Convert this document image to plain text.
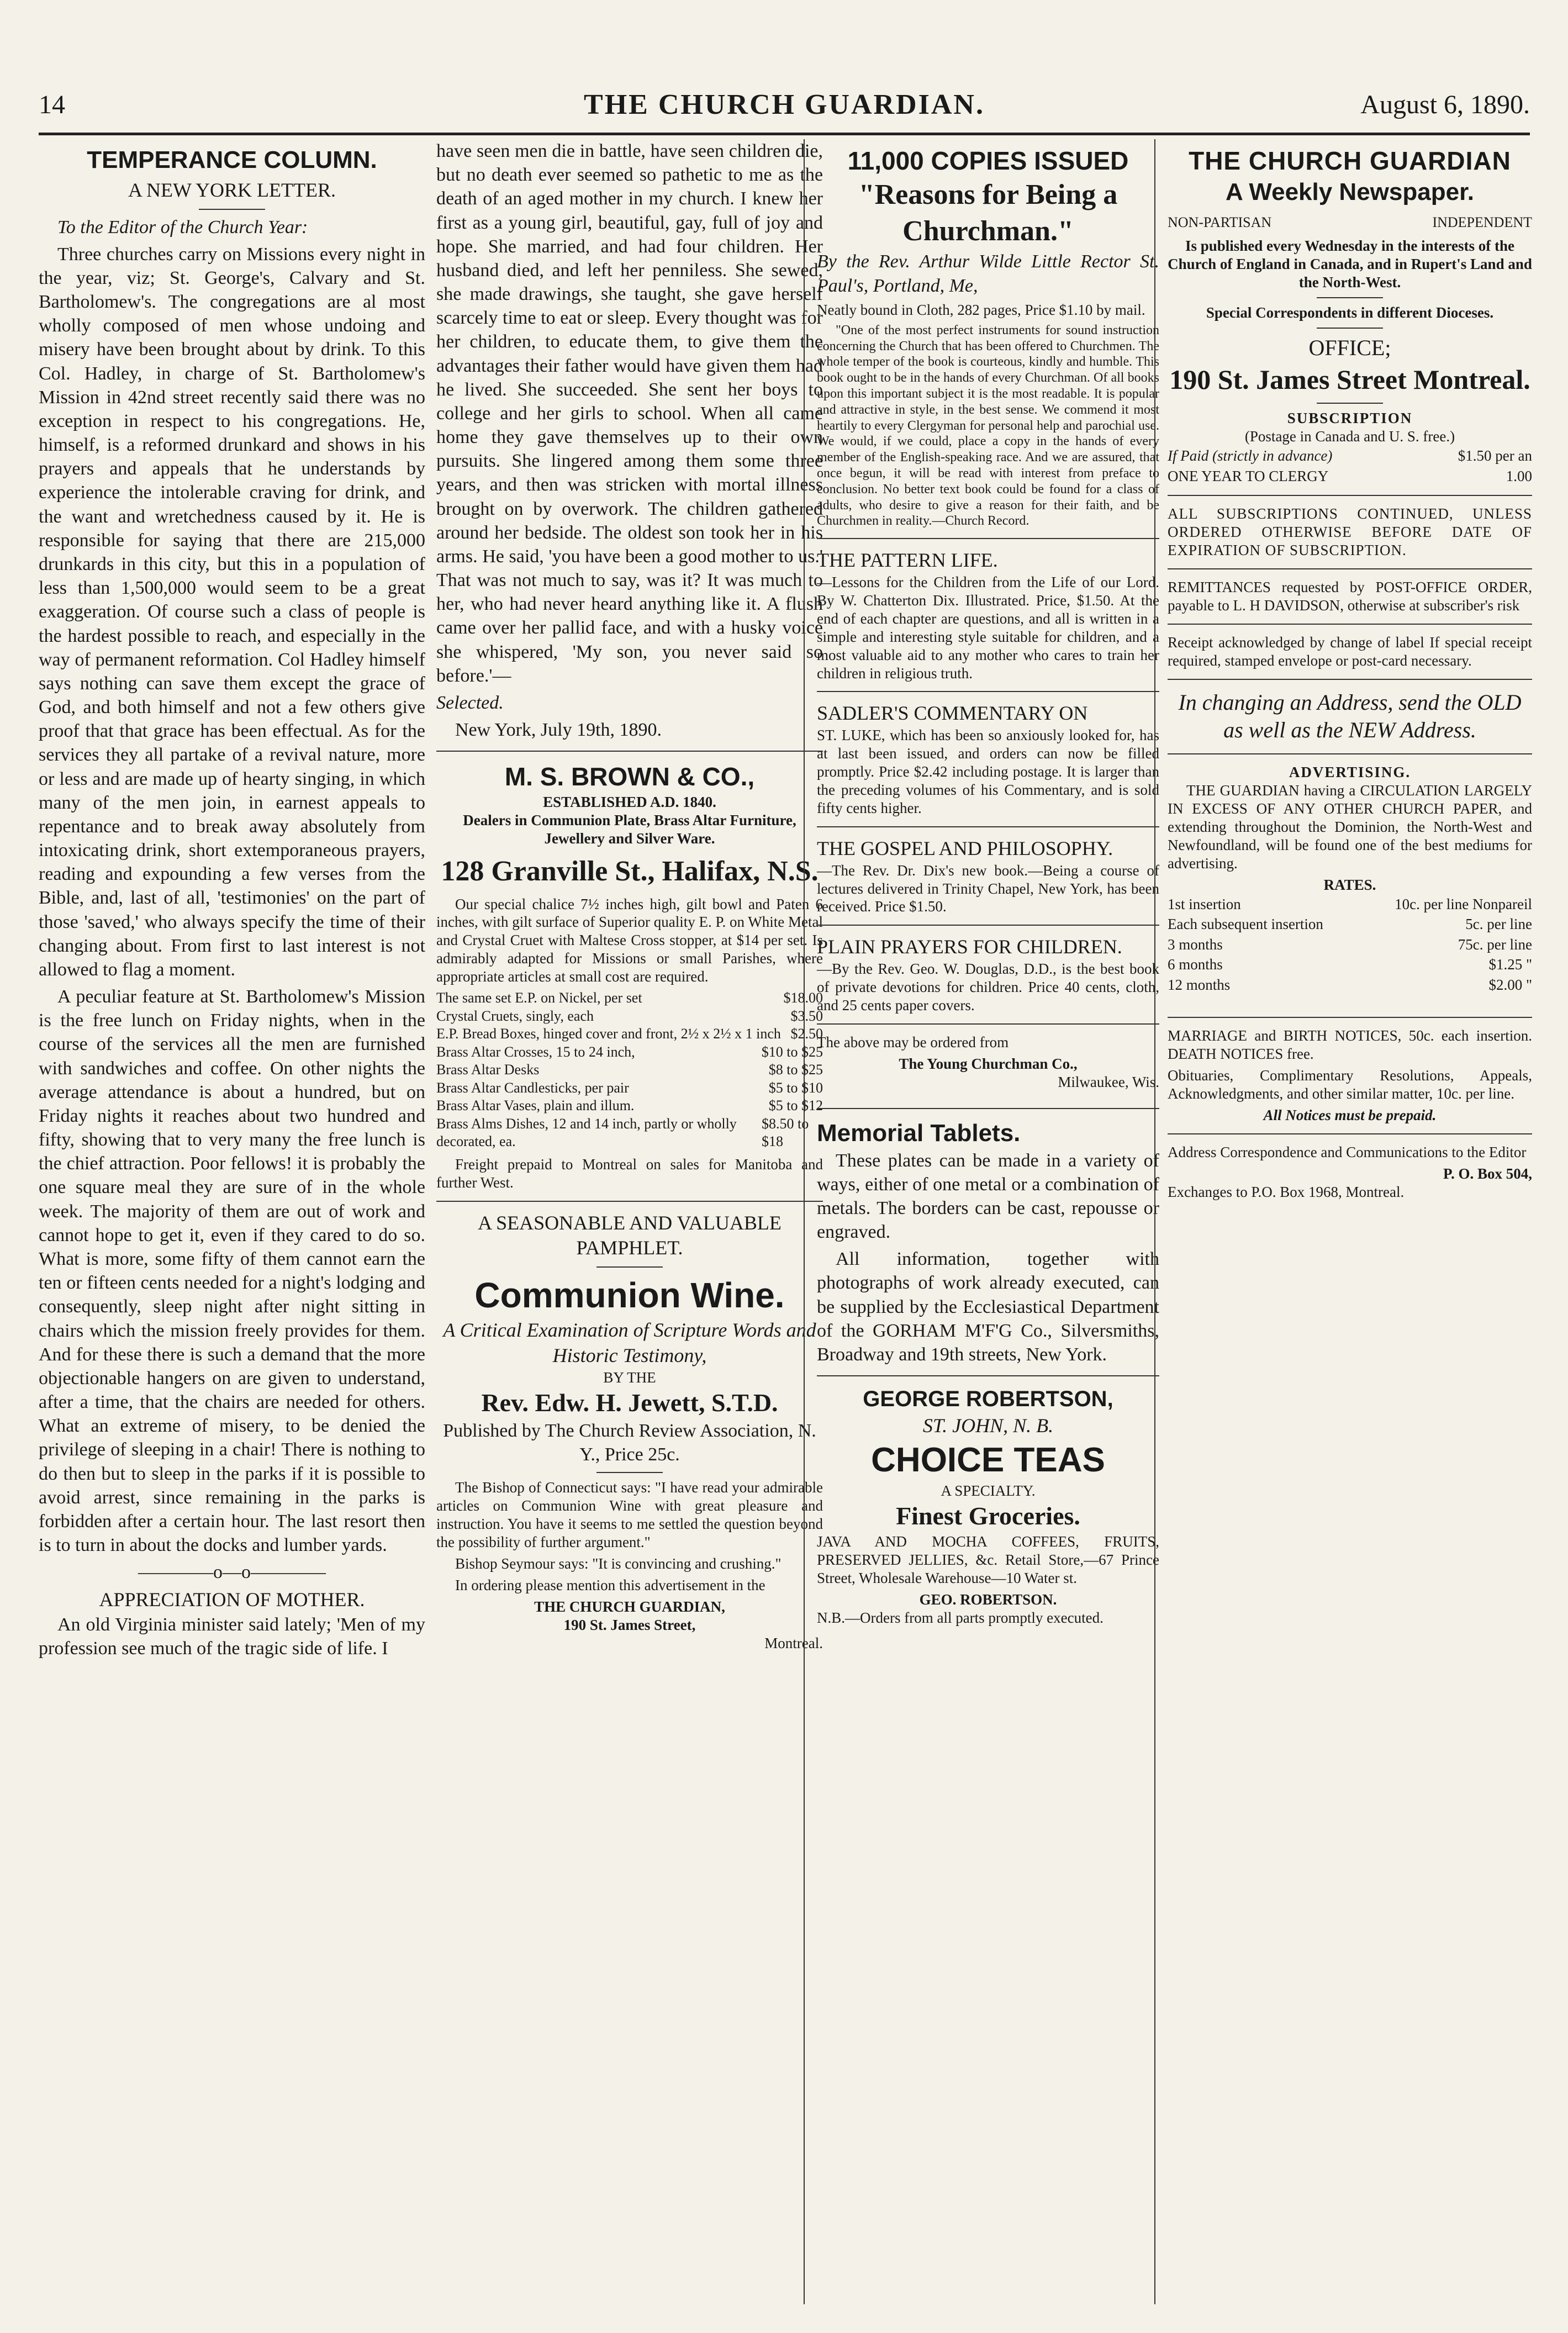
14	THE CHURCH GUARDIAN.	August 6, 1890.
TEMPERANCE COLUMN.
A NEW YORK LETTER.

To the Editor of the Church Year:

Three churches carry on Missions every night in the year, viz; St. George's, Calvary and St. Bartholomew's. The congregations are al most wholly composed of men whose undoing and misery have been brought about by drink. To this Col. Hadley, in charge of St. Bartholomew's Mission in 42nd street recently said there was no exception in respect to his congregations. He, himself, is a reformed drunkard and shows in his prayers and appeals that he understands by experience the intolerable craving for drink, and the want and wretchedness caused by it. He is responsible for saying that there are 215,000 drunkards in this city, but this in a population of less than 1,500,000 would seem to be a great exaggeration. Of course such a class of people is the hardest possible to reach, and especially in the way of permanent reformation. Col Hadley himself says nothing can save them except the grace of God, and both himself and not a few others give proof that that grace has been effectual. As for the services they all partake of a revival nature, more or less and are made up of hearty singing, in which many of the men join, in earnest appeals to repentance and to break away absolutely from intoxicating drink, short extemporaneous prayers, reading and expounding a few verses from the Bible, and, last of all, 'testimonies' on the part of those 'saved,' who always specify the time of their changing about. From first to last interest is not allowed to flag a moment.

A peculiar feature at St. Bartholomew's Mission is the free lunch on Friday nights, when in the course of the services all the men are furnished with sandwiches and coffee. On other nights the average attendance is about a hundred, but on Friday nights it reaches about two hundred and fifty, showing that to very many the free lunch is the chief attraction. Poor fellows! it is probably the one square meal they are sure of in the whole week. The majority of them are out of work and cannot hope to get it, even if they cared to do so. What is more, some fifty of them cannot earn the ten or fifteen cents needed for a night's lodging and consequently, sleep night after night sitting in chairs which the mission freely provides for them. And for these there is such a demand that the more objectionable hangers on are given to understand, after a time, that the chairs are needed for others. What an extreme of misery, to be denied the privilege of sleeping in a chair! There is nothing to do then but to sleep in the parks if it is possible to avoid arrest, since remaining in the parks is forbidden after a certain hour. The last resort then is to turn in about the docks and lumber yards.

————o—o————
APPRECIATION OF MOTHER.

An old Virginia minister said lately; 'Men of my profession see much of the tragic side of life. I

have seen men die in battle, have seen children die, but no death ever seemed so pathetic to me as the death of an aged mother in my church. I knew her first as a young girl, beautiful, gay, full of joy and hope. She married, and had four children. Her husband died, and left her penniless. She sewed, she made drawings, she taught, she gave herself scarcely time to eat or sleep. Every thought was for her children, to educate them, to give them the advantages their father would have given them had he lived. She succeeded. She sent her boys to college and her girls to school. When all came home they gave themselves up to their own pursuits. She lingered among them some three years, and then was stricken with mortal illness brought on by overwork. The children gathered around her bedside. The oldest son took her in his arms. He said, 'you have been a good mother to us.' That was not much to say, was it? It was much to her, who had never heard anything like it. A flush came over her pallid face, and with a husky voice she whispered, 'My son, you never said so before.'—

Selected.

New York, July 19th, 1890.

M. S. BROWN & CO.,
ESTABLISHED A.D. 1840.
Dealers in Communion Plate, Brass Altar Furniture, Jewellery and Silver Ware.
128 Granville St., Halifax, N.S.

Our special chalice 7½ inches high, gilt bowl and Paten 6 inches, with gilt surface of Superior quality E. P. on White Metal and Crystal Cruet with Maltese Cross stopper, at $14 per set. Is admirably adapted for Missions or small Parishes, where appropriate articles at small cost are required.

The same set E.P. on Nickel, per set	$18.00
Crystal Cruets, singly, each	$3.50
E.P. Bread Boxes, hinged cover and front, 2½ x 2½ x 1 inch $2.50
Brass Altar Crosses, 15 to 24 inch,	$10 to $25
Brass Altar Desks	$8 to $25
Brass Altar Candlesticks, per pair	$5 to $10
Brass Altar Vases, plain and illum.	$5 to $12
Brass Alms Dishes, 12 and 14 inch, partly or wholly decorated, ea.
$8.50 to $18

Freight prepaid to Montreal on sales for Manitoba and further West.

A SEASONABLE AND VALUABLE PAMPHLET.
Communion Wine.
A Critical Examination of Scripture Words and Historic Testimony,
BY THE
Rev. Edw. H. Jewett, S.T.D.
Published by The Church Review Association, N. Y., Price 25c.

The Bishop of Connecticut says: "I have read your admirable articles on Communion Wine with great pleasure and instruction. You have it seems to me settled the question beyond the possibility of further argument."

Bishop Seymour says: "It is convincing and crushing."

In ordering please mention this advertisement in the

THE CHURCH GUARDIAN,
190 St. James Street,
Montreal.
11,000 COPIES ISSUED
"Reasons for Being a Churchman."

By the Rev. Arthur Wilde Little Rector St. Paul's, Portland, Me,

Neatly bound in Cloth, 282 pages, Price $1.10 by mail.

"One of the most perfect instruments for sound instruction concerning the Church that has been offered to Churchmen. The whole temper of the book is courteous, kindly and humble. This book ought to be in the hands of every Churchman. Of all books upon this important subject it is the most readable. It is popular and attractive in style, in the best sense. We commend it most heartily to every Clergyman for personal help and parochial use. We would, if we could, place a copy in the hands of every member of the English-speaking race. And we are assured, that once begun, it will be read with interest from preface to conclusion. No better text book could be found for a class of adults, who desire to give a reason for their faith, and be Churchmen in reality.—Church Record.

THE PATTERN LIFE.

—Lessons for the Children from the Life of our Lord. By W. Chatterton Dix. Illustrated. Price, $1.50. At the end of each chapter are questions, and all is written in a simple and interesting style suitable for children, and a most valuable aid to any mother who cares to train her children in religious truth.

SADLER'S COMMENTARY ON

ST. LUKE, which has been so anxiously looked for, has at last been issued, and orders can now be filled promptly. Price $2.42 including postage. It is larger than the preceding volumes of his Commentary, and is sold fifty cents higher.

THE GOSPEL AND PHILOSOPHY.

—The Rev. Dr. Dix's new book.—Being a course of lectures delivered in Trinity Chapel, New York, has been received. Price $1.50.

PLAIN PRAYERS FOR CHILDREN.

—By the Rev. Geo. W. Douglas, D.D., is the best book of private devotions for children. Price 40 cents, cloth, and 25 cents paper covers.

The above may be ordered from

The Young Churchman Co.,
Milwaukee, Wis.
Memorial Tablets.

These plates can be made in a variety of ways, either of one metal or a combination of metals. The borders can be cast, repousse or engraved.

All information, together with photographs of work already executed, can be supplied by the Ecclesiastical Department of the GORHAM M'F'G Co., Silversmiths, Broadway and 19th streets, New York.

GEORGE ROBERTSON,
ST. JOHN, N. B.
CHOICE TEAS
A SPECIALTY.
Finest Groceries.

JAVA AND MOCHA COFFEES, FRUITS, PRESERVED JELLIES, &c. Retail Store,—67 Prince Street, Wholesale Warehouse—10 Water st.

GEO. ROBERTSON.

N.B.—Orders from all parts promptly executed.

THE CHURCH GUARDIAN
A Weekly Newspaper.
NON-PARTISAN	INDEPENDENT
Is published every Wednesday in the interests of the Church of England in Canada, and in Rupert's Land and the North-West.
Special Correspondents in different Dioceses.
OFFICE;
190 St. James Street Montreal.
SUBSCRIPTION
(Postage in Canada and U. S. free.)
If Paid (strictly in advance)	$1.50 per an
ONE YEAR TO CLERGY	1.00

ALL SUBSCRIPTIONS CONTINUED, UNLESS ORDERED OTHERWISE BEFORE DATE OF EXPIRATION OF SUBSCRIPTION.

REMITTANCES requested by POST-OFFICE ORDER, payable to L. H DAVIDSON, otherwise at subscriber's risk

Receipt acknowledged by change of label If special receipt required, stamped envelope or post-card necessary.

In changing an Address, send the OLD as well as the NEW Address.

ADVERTISING.

THE GUARDIAN having a CIRCULATION LARGELY IN EXCESS OF ANY OTHER CHURCH PAPER, and extending throughout the Dominion, the North-West and Newfoundland, will be found one of the best mediums for advertising.

RATES.
1st insertion	10c. per line Nonpareil
Each subsequent insertion	5c. per line
3 months	75c. per line
6 months	$1.25 "
12 months	$2.00 "

MARRIAGE and BIRTH NOTICES, 50c. each insertion. DEATH NOTICES free.

Obituaries, Complimentary Resolutions, Appeals, Acknowledgments, and other similar matter, 10c. per line.

All Notices must be prepaid.

Address Correspondence and Communications to the Editor

P. O. Box 504,

Exchanges to P.O. Box 1968, Montreal.
